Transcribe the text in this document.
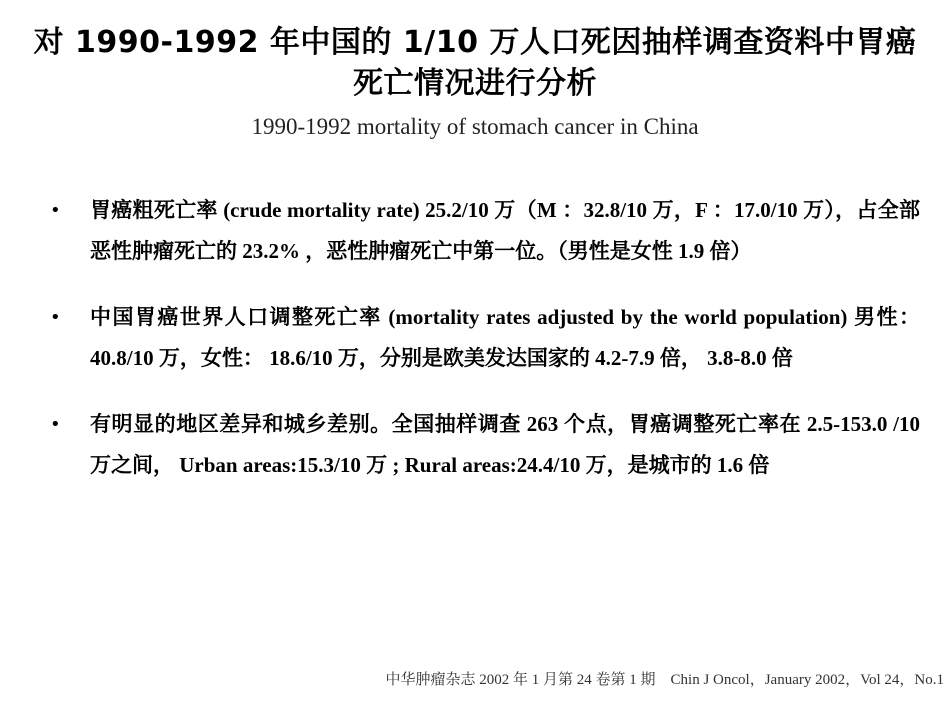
对 1990-1992 年中国的 1/10 万人口死因抽样调查资料中胃癌死亡情况进行分析
1990-1992 mortality of stomach cancer in China
• 胃癌粗死亡率 (crude mortality rate) 25.2/10 万（M ：32.8/10 万，F ：17.0/10 万），占全部恶性肿瘤死亡的 23.2% ，恶性肿瘤死亡中第一位。（男性是女性 1.9 倍）
• 中国胃癌世界人口调整死亡率 (mortality rates adjusted by the world population) 男性： 40.8/10 万，女性： 18.6/10 万，分别是欧美发达国家的 4.2-7.9 倍， 3.8-8.0 倍
• 有明显的地区差异和城乡差别。全国抽样调查 263 个点，胃癌调整死亡率在 2.5-153.0 /10 万之间， Urban areas:15.3/10 万 ; Rural areas:24.4/10 万，是城市的 1.6 倍
中华肿瘤杂志 2002 年 1 月第 24 卷第 1 期　Chin J Oncol，January 2002，Vol 24，No.1
